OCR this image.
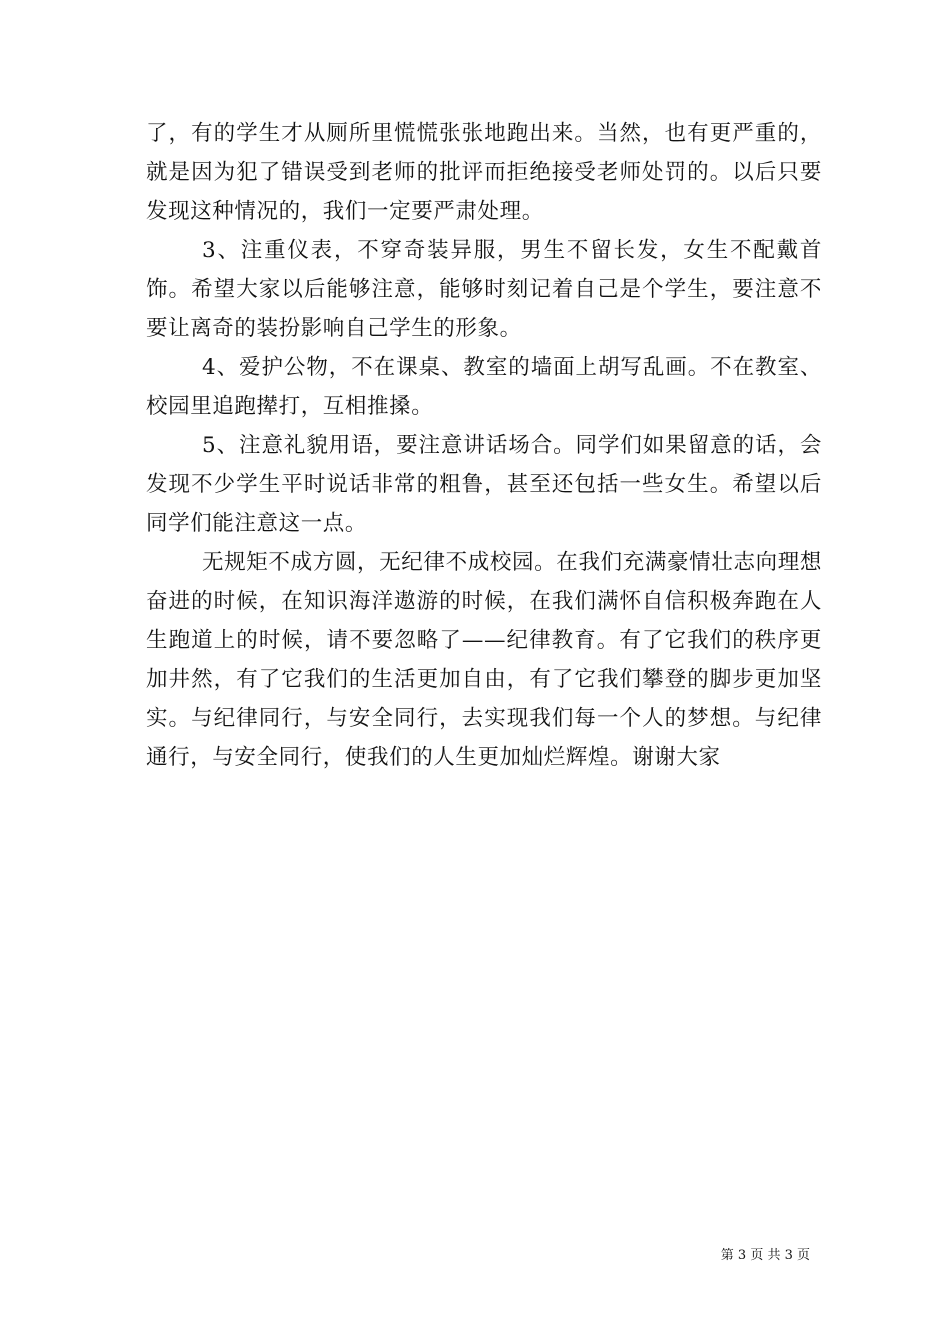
了，有的学生才从厕所里慌慌张张地跑出来。当然，也有更严重的，就是因为犯了错误受到老师的批评而拒绝接受老师处罚的。以后只要发现这种情况的，我们一定要严肃处理。

3、注重仪表，不穿奇装异服，男生不留长发，女生不配戴首饰。希望大家以后能够注意，能够时刻记着自己是个学生，要注意不要让离奇的装扮影响自己学生的形象。

4、爱护公物，不在课桌、教室的墙面上胡写乱画。不在教室、校园里追跑撵打，互相推搡。

5、注意礼貌用语，要注意讲话场合。同学们如果留意的话，会发现不少学生平时说话非常的粗鲁，甚至还包括一些女生。希望以后同学们能注意这一点。

无规矩不成方圆，无纪律不成校园。在我们充满豪情壮志向理想奋进的时候，在知识海洋遨游的时候，在我们满怀自信积极奔跑在人生跑道上的时候，请不要忽略了——纪律教育。有了它我们的秩序更加井然，有了它我们的生活更加自由，有了它我们攀登的脚步更加坚实。与纪律同行，与安全同行，去实现我们每一个人的梦想。与纪律通行，与安全同行，使我们的人生更加灿烂辉煌。谢谢大家

第 3 页 共 3 页
